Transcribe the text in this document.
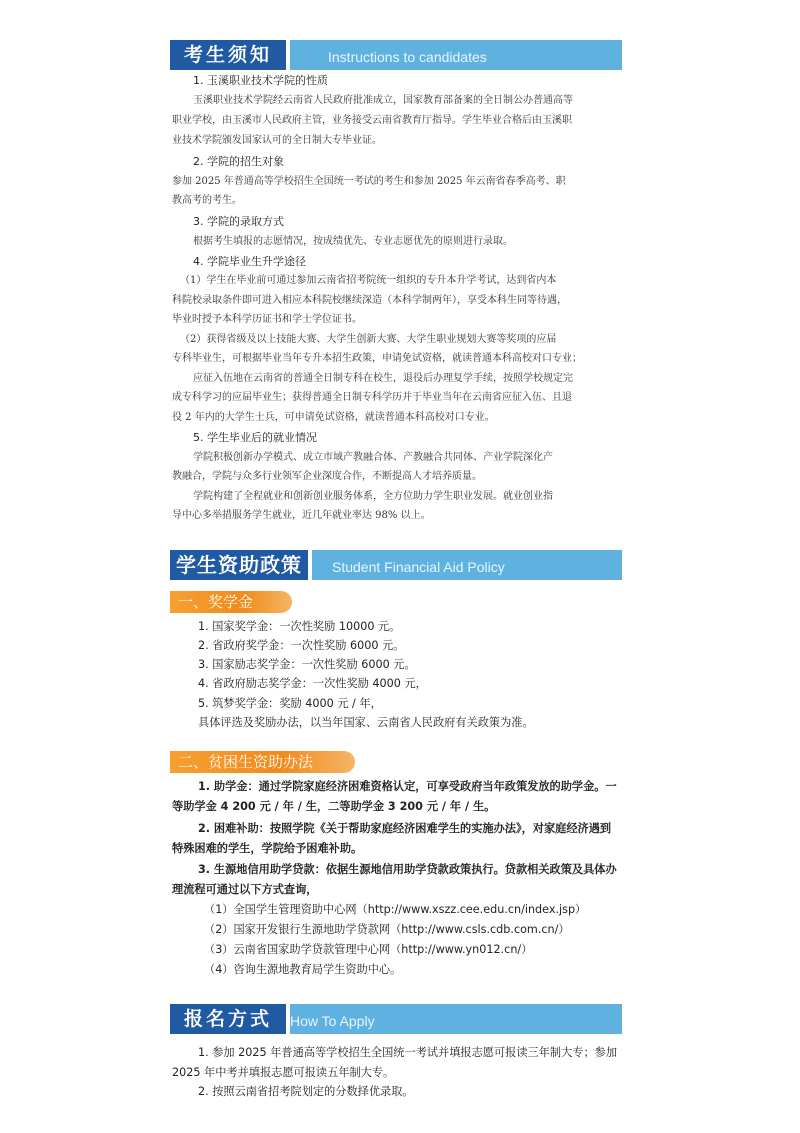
考生须知	Instructions to candidates
1. 玉溪职业技术学院的性质
玉溪职业技术学院经云南省人民政府批准成立，国家教育部备案的全日制公办普通高等
职业学校，由玉溪市人民政府主管，业务接受云南省教育厅指导。学生毕业合格后由玉溪职
业技术学院颁发国家认可的全日制大专毕业证。
2. 学院的招生对象
参加 2025 年普通高等学校招生全国统一考试的考生和参加 2025 年云南省春季高考、职
教高考的考生。
3. 学院的录取方式
根据考生填报的志愿情况，按成绩优先、专业志愿优先的原则进行录取。
4. 学院毕业生升学途径
（1）学生在毕业前可通过参加云南省招考院统一组织的专升本升学考试，达到省内本
科院校录取条件即可进入相应本科院校继续深造（本科学制两年），享受本科生同等待遇，
毕业时授予本科学历证书和学士学位证书。
（2）获得省级及以上技能大赛、大学生创新大赛、大学生职业规划大赛等奖项的应届
专科毕业生，可根据毕业当年专升本招生政策，申请免试资格，就读普通本科高校对口专业；
应征入伍地在云南省的普通全日制专科在校生，退役后办理复学手续，按照学校规定完
成专科学习的应届毕业生；获得普通全日制专科学历并于毕业当年在云南省应征入伍、且退
役 2 年内的大学生士兵，可申请免试资格，就读普通本科高校对口专业。
5. 学生毕业后的就业情况
学院积极创新办学模式、成立市域产教融合体、产教融合共同体、产业学院深化产
教融合，学院与众多行业领军企业深度合作，不断提高人才培养质量。
学院构建了全程就业和创新创业服务体系，全方位助力学生职业发展。就业创业指
导中心多举措服务学生就业，近几年就业率达 98% 以上。
学生资助政策	Student Financial Aid Policy
一、奖学金
1. 国家奖学金：一次性奖励 10000 元。
2. 省政府奖学金：一次性奖励 6000 元。
3. 国家励志奖学金：一次性奖励 6000 元。
4. 省政府励志奖学金：一次性奖励 4000 元，
5. 筑梦奖学金：奖励 4000 元 / 年，
具体评选及奖励办法，以当年国家、云南省人民政府有关政策为准。
二、贫困生资助办法
1. 助学金：通过学院家庭经济困难资格认定，可享受政府当年政策发放的助学金。一
等助学金 4 200 元 / 年 / 生，二等助学金 3 200 元 / 年 / 生。
2. 困难补助：按照学院《关于帮助家庭经济困难学生的实施办法》，对家庭经济遇到
特殊困难的学生，学院给予困难补助。
3. 生源地信用助学贷款：依据生源地信用助学贷款政策执行。贷款相关政策及具体办
理流程可通过以下方式查询，
（1）全国学生管理资助中心网（http://www.xszz.cee.edu.cn/index.jsp）
（2）国家开发银行生源地助学贷款网（http://www.csls.cdb.com.cn/）
（3）云南省国家助学贷款管理中心网（http://www.yn012.cn/）
（4）咨询生源地教育局学生资助中心。
报名方式	How To Apply
1. 参加 2025 年普通高等学校招生全国统一考试并填报志愿可报读三年制大专；参加
2025 年中考并填报志愿可报读五年制大专。
2. 按照云南省招考院划定的分数择优录取。
